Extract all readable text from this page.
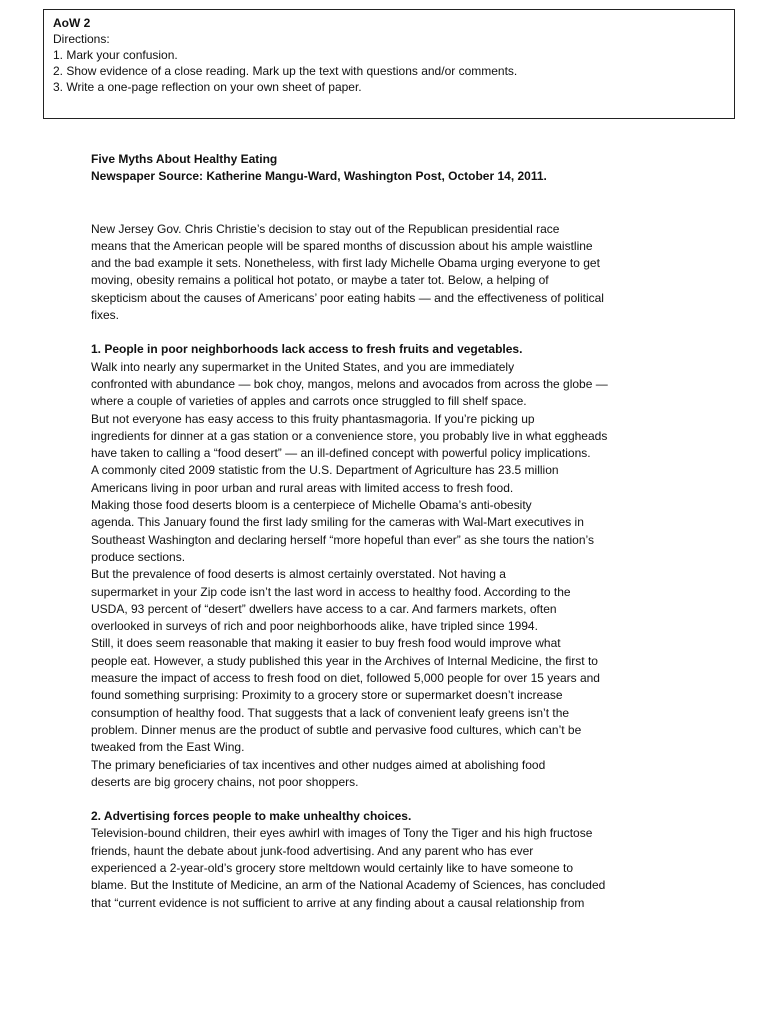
AoW 2
Directions:
1. Mark your confusion.
2. Show evidence of a close reading. Mark up the text with questions and/or comments.
3. Write a one-page reflection on your own sheet of paper.
Five Myths About Healthy Eating
Newspaper Source: Katherine Mangu-Ward, Washington Post, October 14, 2011.
New Jersey Gov. Chris Christie’s decision to stay out of the Republican presidential race
means that the American people will be spared months of discussion about his ample waistline
and the bad example it sets. Nonetheless, with first lady Michelle Obama urging everyone to get
moving, obesity remains a political hot potato, or maybe a tater tot. Below, a helping of
skepticism about the causes of Americans’ poor eating habits — and the effectiveness of political
fixes.
1. People in poor neighborhoods lack access to fresh fruits and vegetables.
Walk into nearly any supermarket in the United States, and you are immediately
confronted with abundance — bok choy, mangos, melons and avocados from across the globe —
where a couple of varieties of apples and carrots once struggled to fill shelf space.
But not everyone has easy access to this fruity phantasmagoria. If you’re picking up
ingredients for dinner at a gas station or a convenience store, you probably live in what eggheads
have taken to calling a “food desert” — an ill-defined concept with powerful policy implications.
A commonly cited 2009 statistic from the U.S. Department of Agriculture has 23.5 million
Americans living in poor urban and rural areas with limited access to fresh food.
Making those food deserts bloom is a centerpiece of Michelle Obama’s anti-obesity
agenda. This January found the first lady smiling for the cameras with Wal-Mart executives in
Southeast Washington and declaring herself “more hopeful than ever” as she tours the nation’s
produce sections.
But the prevalence of food deserts is almost certainly overstated. Not having a
supermarket in your Zip code isn’t the last word in access to healthy food. According to the
USDA, 93 percent of “desert” dwellers have access to a car. And farmers markets, often
overlooked in surveys of rich and poor neighborhoods alike, have tripled since 1994.
Still, it does seem reasonable that making it easier to buy fresh food would improve what
people eat. However, a study published this year in the Archives of Internal Medicine, the first to
measure the impact of access to fresh food on diet, followed 5,000 people for over 15 years and
found something surprising: Proximity to a grocery store or supermarket doesn’t increase
consumption of healthy food. That suggests that a lack of convenient leafy greens isn’t the
problem. Dinner menus are the product of subtle and pervasive food cultures, which can’t be
tweaked from the East Wing.
The primary beneficiaries of tax incentives and other nudges aimed at abolishing food
deserts are big grocery chains, not poor shoppers.
2. Advertising forces people to make unhealthy choices.
Television-bound children, their eyes awhirl with images of Tony the Tiger and his high fructose
friends, haunt the debate about junk-food advertising. And any parent who has ever
experienced a 2-year-old’s grocery store meltdown would certainly like to have someone to
blame. But the Institute of Medicine, an arm of the National Academy of Sciences, has concluded
that “current evidence is not sufficient to arrive at any finding about a causal relationship from
